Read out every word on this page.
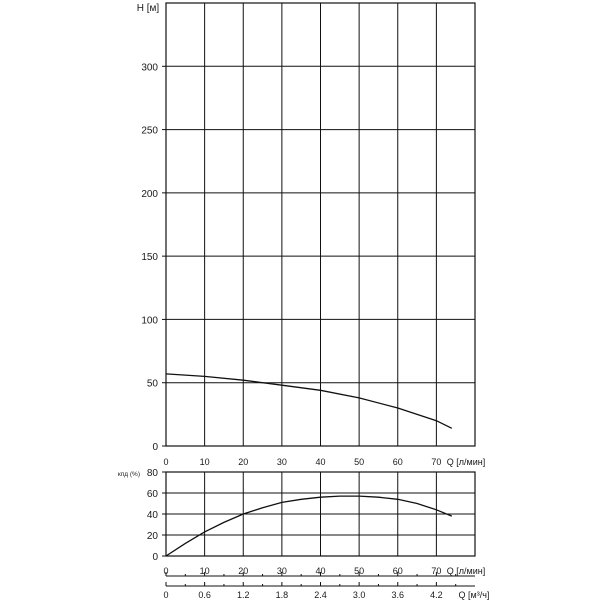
0
50
100
150
200
250
300
0	10	20	30	40	50	60	70
H [м]
Q [л/мин]
0
20
40
60
80
кпд (%)
0	10	20	30	40	50	60	70 Q [л/мин]
0	0.6	1.2	1.8	2.4	3.0	3.6	4.2 Q [м³/ч]
